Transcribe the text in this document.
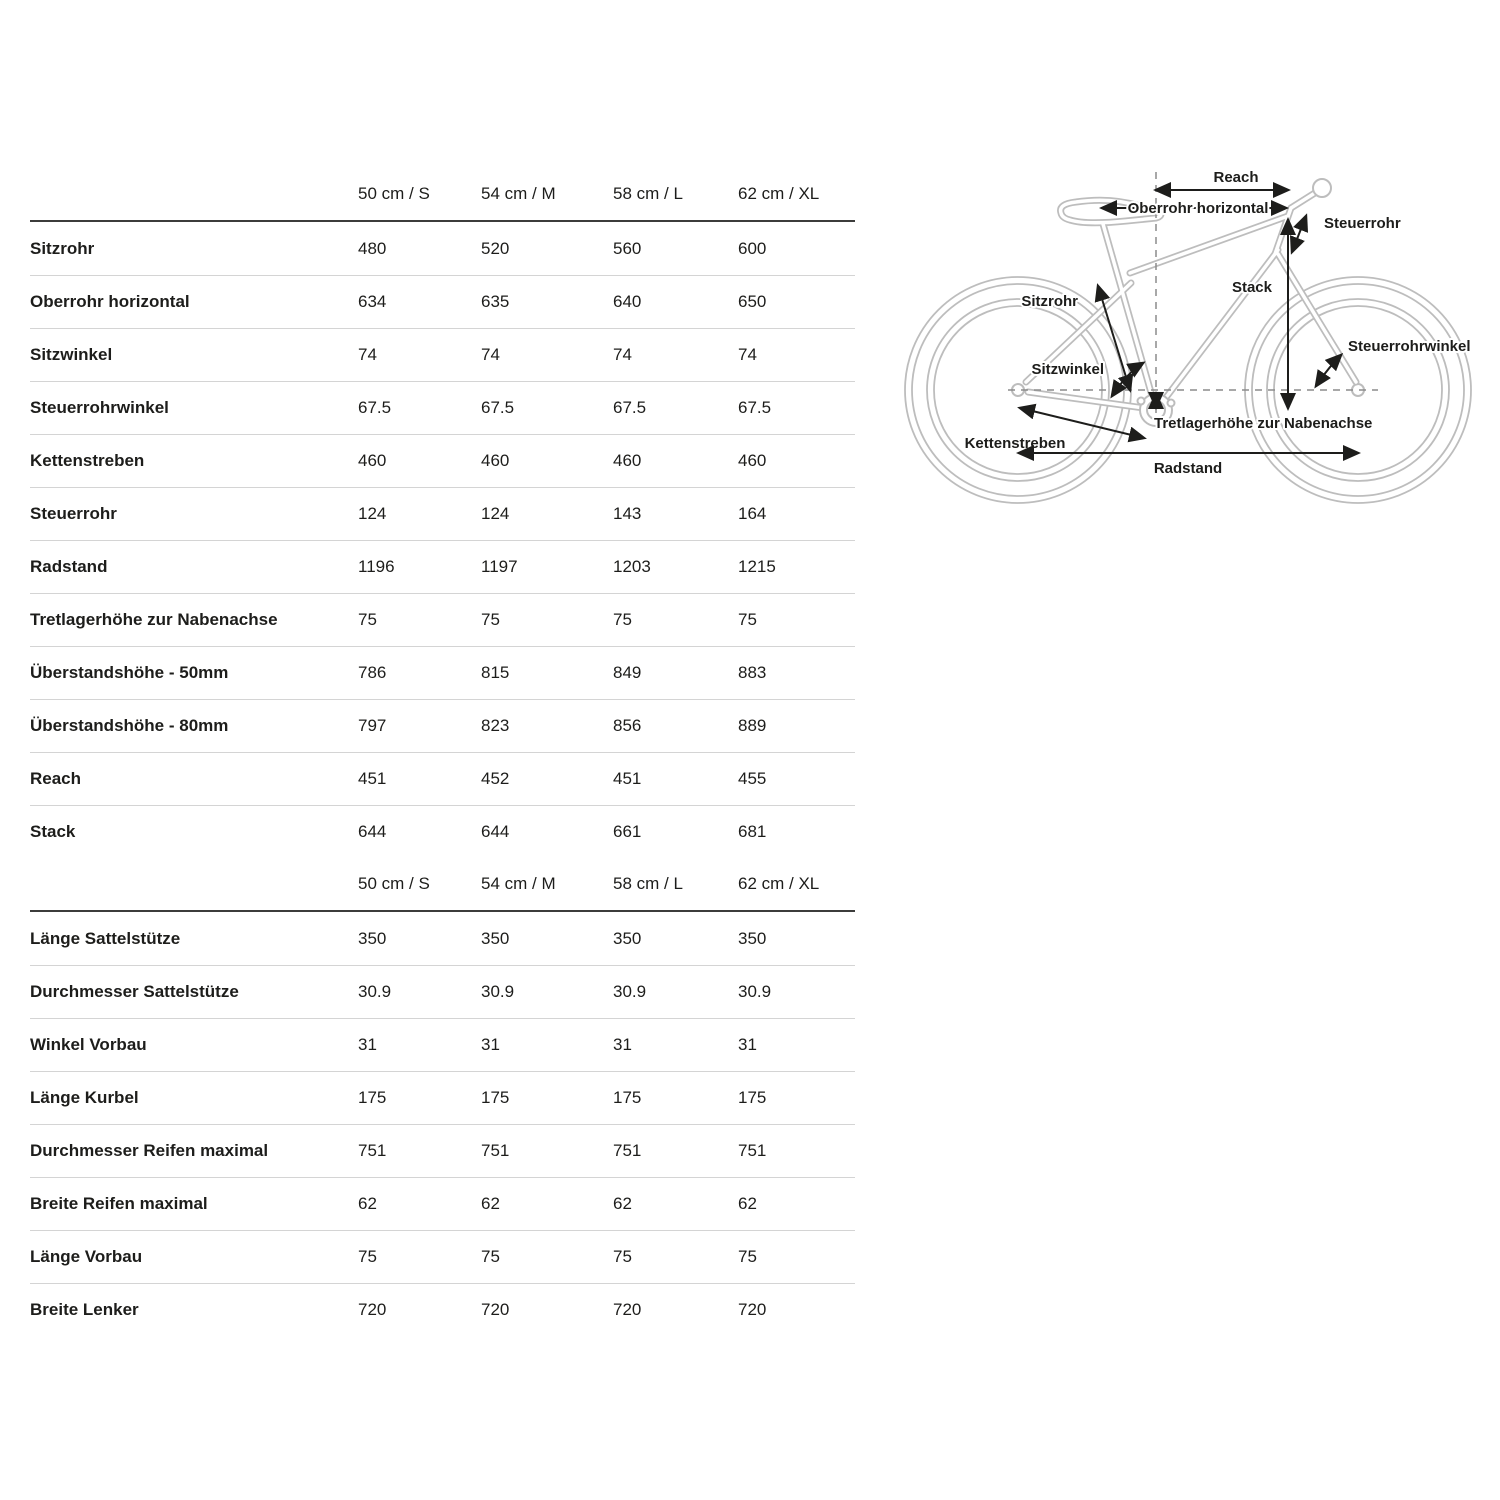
50 cm / S	54 cm / M	58 cm / L	62 cm / XL
Sitzrohr	480	520	560	600
Oberrohr horizontal	634	635	640	650
Sitzwinkel	74	74	74	74
Steuerrohrwinkel	67.5	67.5	67.5	67.5
Kettenstreben	460	460	460	460
Steuerrohr	124	124	143	164
Radstand	1196	1197	1203	1215
Tretlagerhöhe zur Nabenachse	75	75	75	75
Überstandshöhe - 50mm	786	815	849	883
Überstandshöhe - 80mm	797	823	856	889
Reach	451	452	451	455
Stack	644	644	661	681
50 cm / S	54 cm / M	58 cm / L	62 cm / XL
Länge Sattelstütze	350	350	350	350
Durchmesser Sattelstütze	30.9	30.9	30.9	30.9
Winkel Vorbau	31	31	31	31
Länge Kurbel	175	175	175	175
Durchmesser Reifen maximal	751	751	751	751
Breite Reifen maximal	62	62	62	62
Länge Vorbau	75	75	75	75
Breite Lenker	720	720	720	720
Reach
Oberrohr horizontal
Steuerrohr
Stack
Steuerrohrwinkel
Sitzrohr
Sitzwinkel
Tretlagerhöhe zur Nabenachse
Kettenstreben
Radstand
